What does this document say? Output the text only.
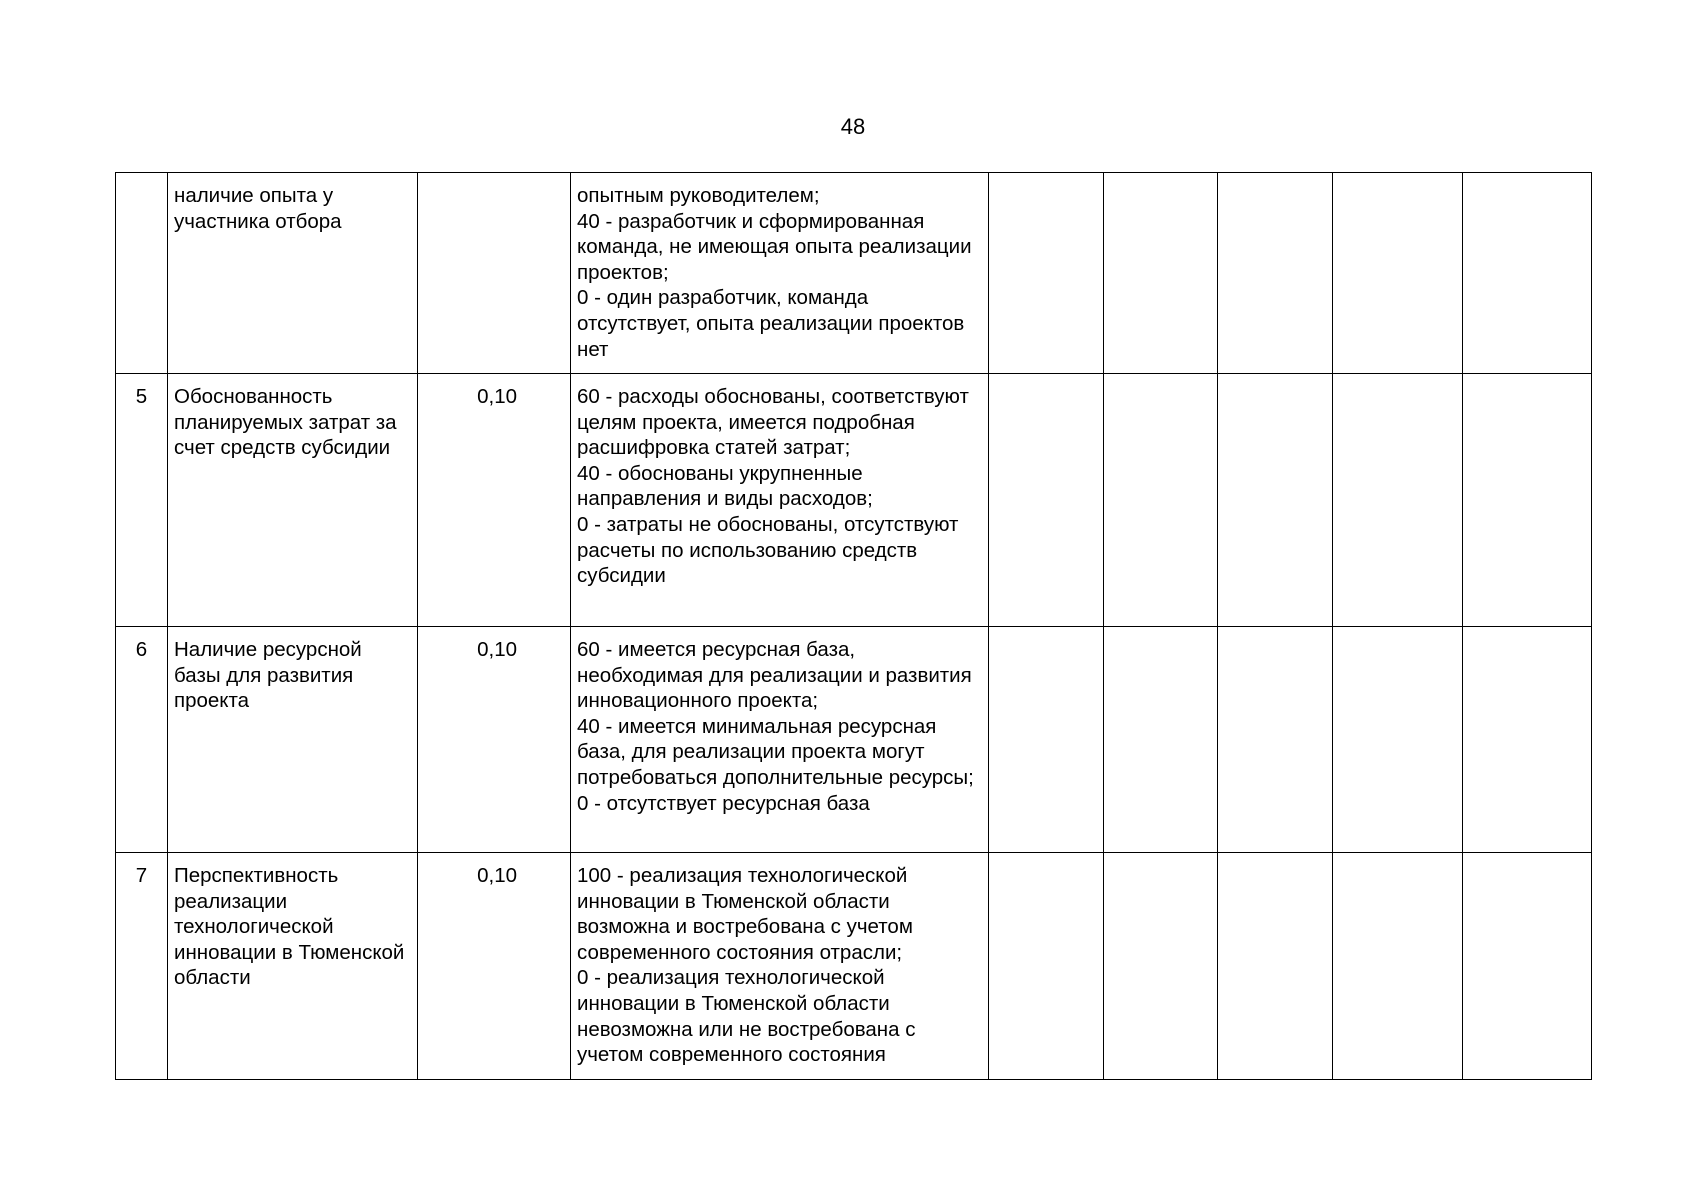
48
	наличие опыта у
участника отбора		опытным руководителем;
40 - разработчик и сформированная команда, не имеющая опыта реализации проектов;
0 - один разработчик, команда отсутствует, опыта реализации проектов нет					
5	Обоснованность планируемых затрат за счет средств субсидии	0,10	60 - расходы обоснованы, соответствуют целям проекта, имеется подробная расшифровка статей затрат;
40 - обоснованы укрупненные направления и виды расходов;
0 - затраты не обоснованы, отсутствуют расчеты по использованию средств субсидии					
6	Наличие ресурсной базы для развития проекта	0,10	60 - имеется ресурсная база, необходимая для реализации и развития инновационного проекта;
40 - имеется минимальная ресурсная база, для реализации проекта могут потребоваться дополнительные ресурсы;
0 - отсутствует ресурсная база					
7	Перспективность реализации технологической инновации в Тюменской области	0,10	100 - реализация технологической инновации в Тюменской области возможна и востребована с учетом современного состояния отрасли;
0 - реализация технологической инновации в Тюменской области невозможна или не востребована с учетом современного состояния					
